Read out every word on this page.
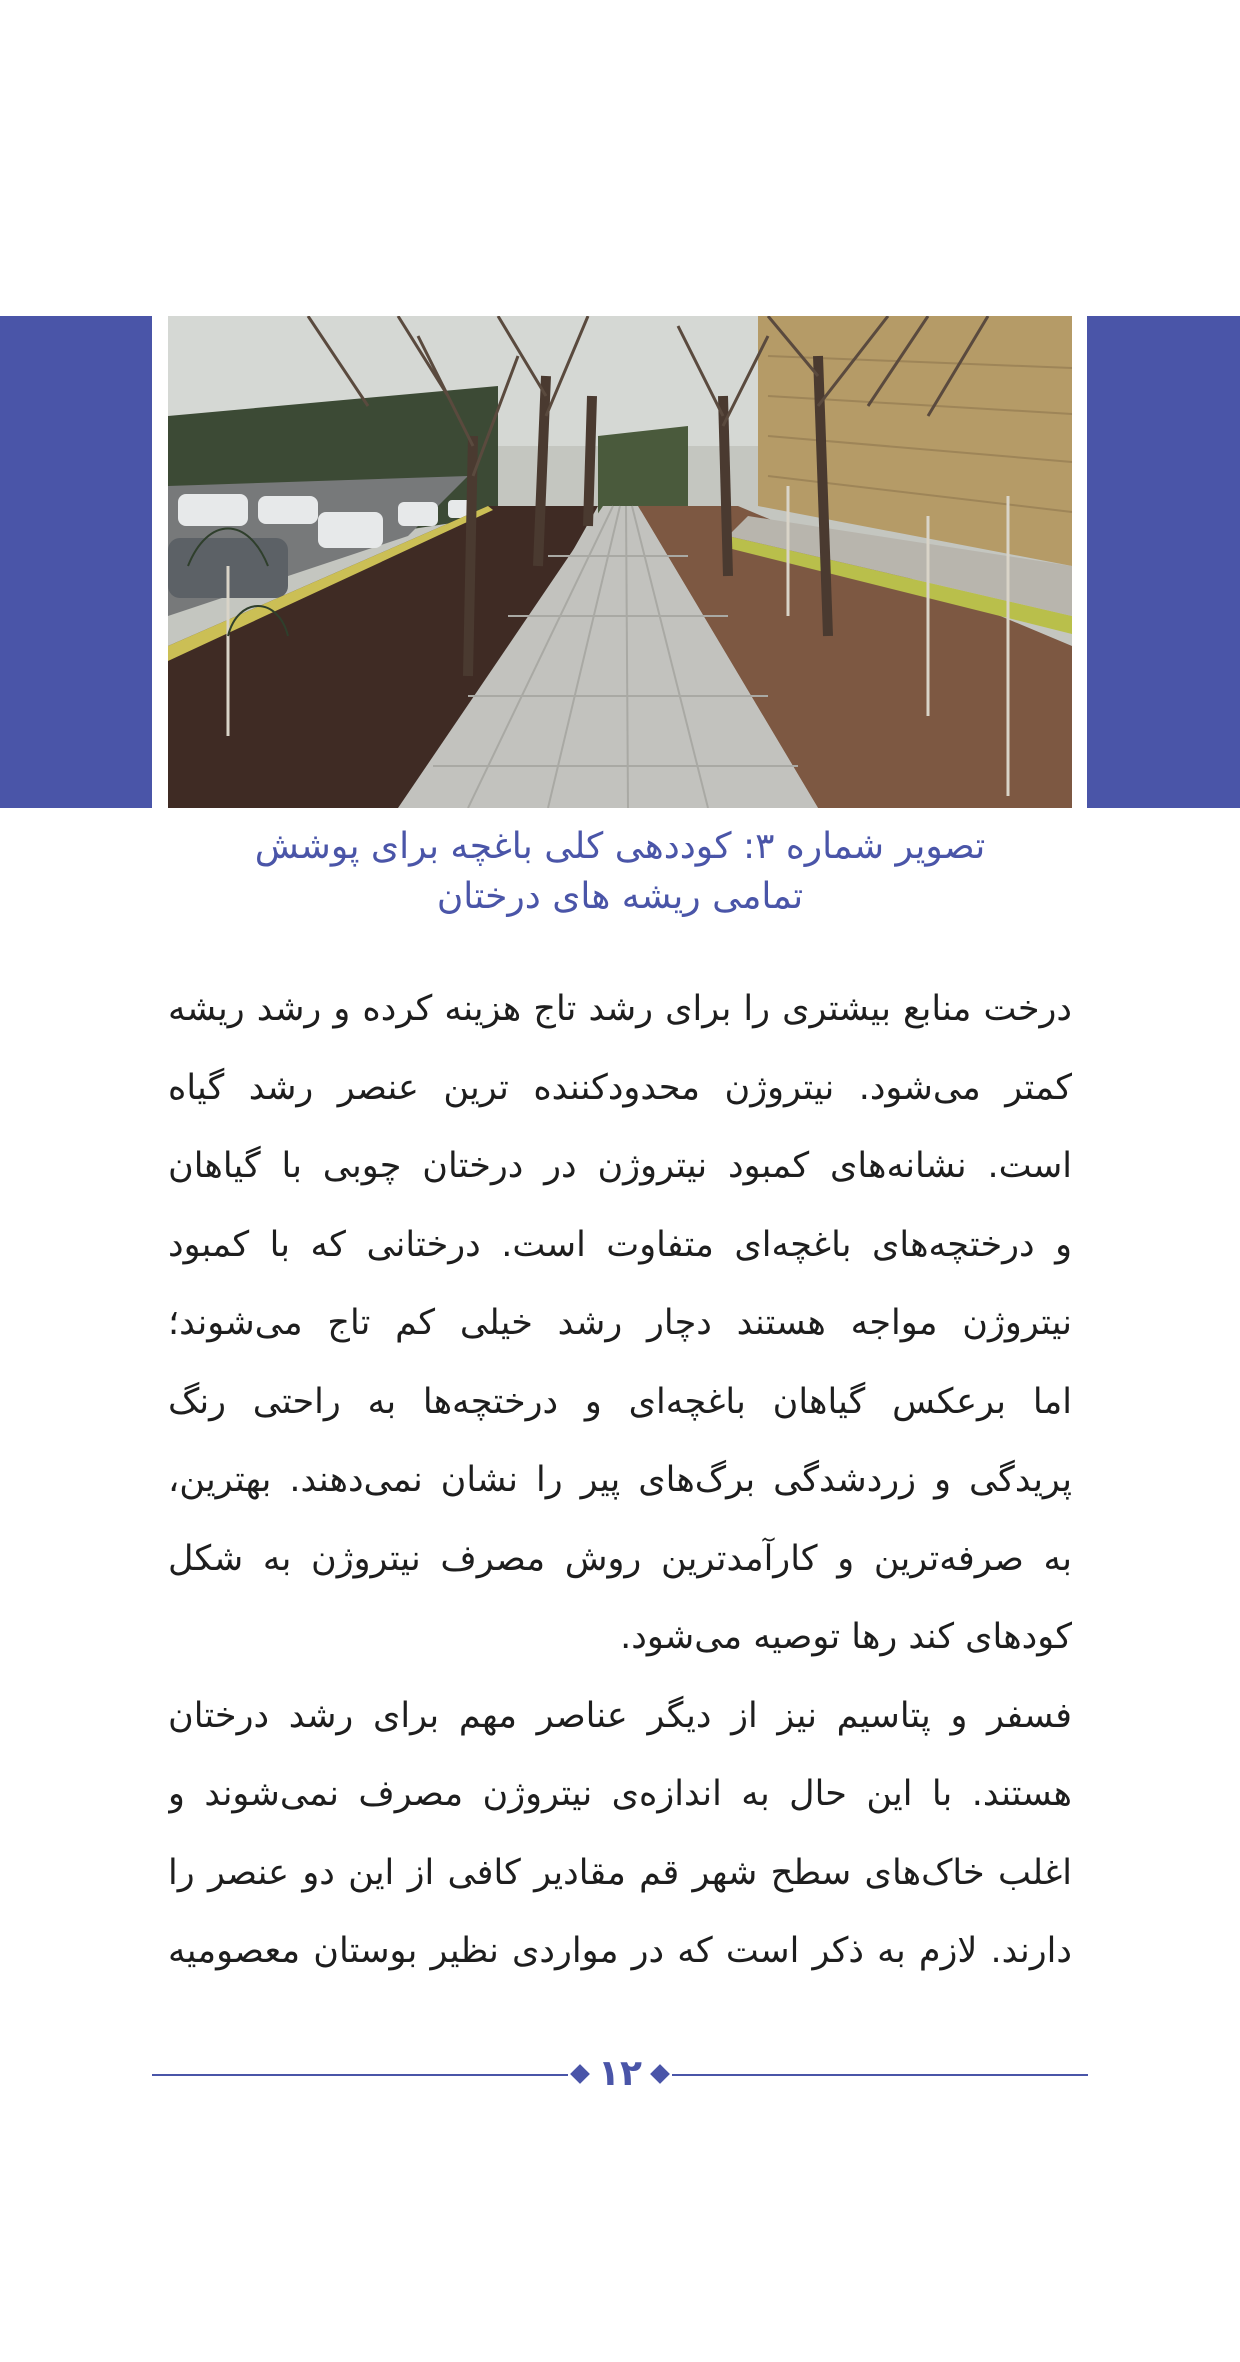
تصویر شماره ۳: کوددهی کلی باغچه برای پوشش
تمامی ریشه های درختان
درخت منابع بیشتری را برای رشد تاج هزینه کرده و رشد ریشه
کمتر می‌شود. نیتروژن محدودکننده ترین عنصر رشد گیاه
است. نشانه‌های کمبود نیتروژن در درختان چوبی با گیاهان
و درختچه‌های باغچه‌ای متفاوت است. درختانی که با کمبود
نیتروژن مواجه هستند دچار رشد خیلی کم تاج می‌شوند؛
اما برعکس گیاهان باغچه‌ای و درختچه‌ها به راحتی رنگ
پریدگی و زردشدگی برگ‌های پیر را نشان نمی‌دهند. بهترین،
به صرفه‌ترین و کارآمدترین روش مصرف نیتروژن به شکل
کودهای کند رها توصیه می‌شود.
فسفر و پتاسیم نیز از دیگر عناصر مهم برای رشد درختان
هستند. با این حال به اندازه‌ی نیتروژن مصرف نمی‌شوند و
اغلب خاک‌های سطح شهر قم مقادیر کافی از این دو عنصر را
دارند. لازم به ذکر است که در مواردی نظیر بوستان معصومیه
۱۲
